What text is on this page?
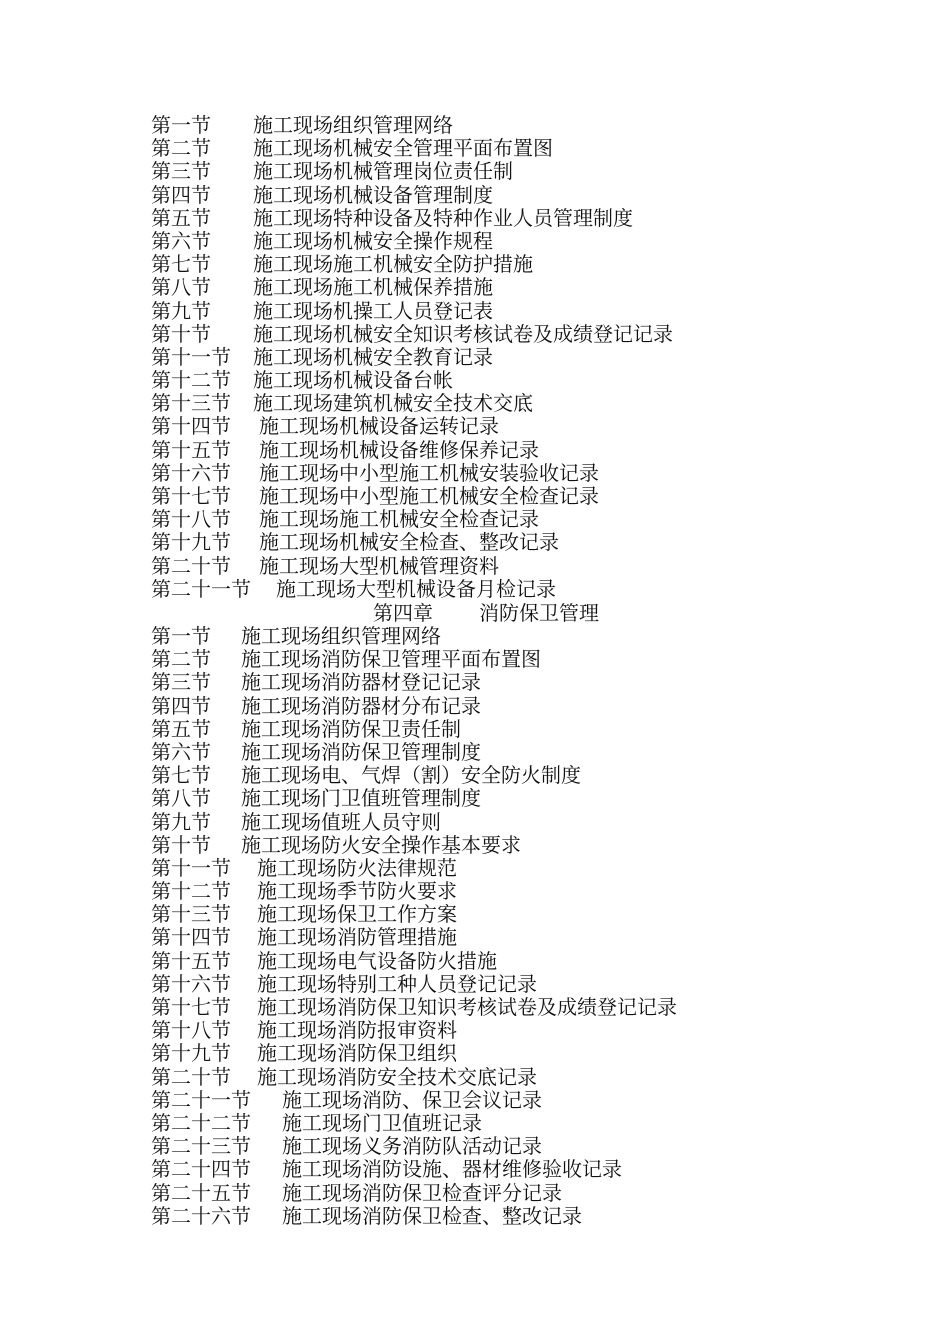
第一节	施工现场组织管理网络
第二节	施工现场机械安全管理平面布置图
第三节	施工现场机械管理岗位责任制
第四节	施工现场机械设备管理制度
第五节	施工现场特种设备及特种作业人员管理制度
第六节	施工现场机械安全操作规程
第七节	施工现场施工机械安全防护措施
第八节	施工现场施工机械保养措施
第九节	施工现场机操工人员登记表
第十节	施工现场机械安全知识考核试卷及成绩登记记录
第十一节	施工现场机械安全教育记录
第十二节	施工现场机械设备台帐
第十三节	施工现场建筑机械安全技术交底
第十四节	施工现场机械设备运转记录
第十五节	施工现场机械设备维修保养记录
第十六节	施工现场中小型施工机械安装验收记录
第十七节	施工现场中小型施工机械安全检查记录
第十八节	施工现场施工机械安全检查记录
第十九节	施工现场机械安全检查、整改记录
第二十节	施工现场大型机械管理资料
第二十一节	施工现场大型机械设备月检记录
第四章	消防保卫管理
第一节	施工现场组织管理网络
第二节	施工现场消防保卫管理平面布置图
第三节	施工现场消防器材登记记录
第四节	施工现场消防器材分布记录
第五节	施工现场消防保卫责任制
第六节	施工现场消防保卫管理制度
第七节	施工现场电、气焊（割）安全防火制度
第八节	施工现场门卫值班管理制度
第九节	施工现场值班人员守则
第十节	施工现场防火安全操作基本要求
第十一节	施工现场防火法律规范
第十二节	施工现场季节防火要求
第十三节	施工现场保卫工作方案
第十四节	施工现场消防管理措施
第十五节	施工现场电气设备防火措施
第十六节	施工现场特别工种人员登记记录
第十七节	施工现场消防保卫知识考核试卷及成绩登记记录
第十八节	施工现场消防报审资料
第十九节	施工现场消防保卫组织
第二十节	施工现场消防安全技术交底记录
第二十一节	施工现场消防、保卫会议记录
第二十二节	施工现场门卫值班记录
第二十三节	施工现场义务消防队活动记录
第二十四节	施工现场消防设施、器材维修验收记录
第二十五节	施工现场消防保卫检查评分记录
第二十六节	施工现场消防保卫检查、整改记录
